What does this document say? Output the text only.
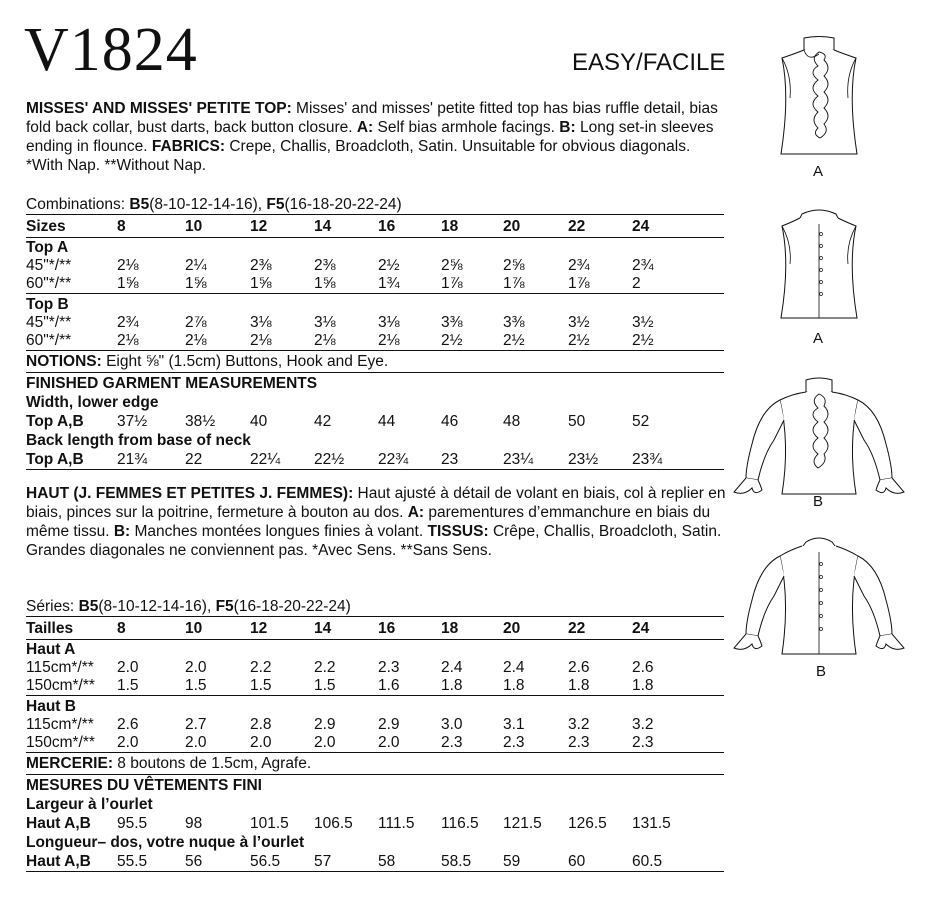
V1824	EASY/FACILE
MISSES' AND MISSES' PETITE TOP: Misses' and misses' petite fitted top has bias ruffle detail, bias fold back collar, bust darts, back button closure. A: Self bias armhole facings. B: Long set-in sleeves ending in flounce. FABRICS: Crepe, Challis, Broadcloth, Satin. Unsuitable for obvious diagonals. *With Nap. **Without Nap.
Combinations: B5(8-10-12-14-16), F5(16-18-20-22-24)
Sizes	8	10	12	14	16	18	20	22	24
Top A
45"*/**	2⅛	2¼	2⅜	2⅜	2½	2⅝	2⅝	2¾	2¾
60"*/**	1⅝	1⅝	1⅝	1⅝	1¾	1⅞	1⅞	1⅞	2
Top B
45"*/**	2¾	2⅞	3⅛	3⅛	3⅛	3⅜	3⅜	3½	3½
60"*/**	2⅛	2⅛	2⅛	2⅛	2⅛	2½	2½	2½	2½
NOTIONS: Eight ⅝" (1.5cm) Buttons, Hook and Eye.
FINISHED GARMENT MEASUREMENTS
Width, lower edge
Top A,B 37½ 38½ 40	42	44	46	48	50	52
Back length from base of neck
Top A,B 21¾ 22	22¼ 22½ 22¾ 23	23¼ 23½ 23¾
HAUT (J. FEMMES ET PETITES J. FEMMES): Haut ajusté à détail de volant en biais, col à replier en biais, pinces sur la poitrine, fermeture à bouton au dos. A: parementures d’emmanchure en biais du même tissu. B: Manches montées longues finies à volant. TISSUS: Crêpe, Challis, Broadcloth, Satin. Grandes diagonales ne conviennent pas. *Avec Sens. **Sans Sens.
Séries: B5(8-10-12-14-16), F5(16-18-20-22-24)
Tailles	8	10	12	14	16	18	20	22	24
Haut A
115cm*/** 2.0	2.0	2.2	2.2	2.3	2.4	2.4	2.6	2.6
150cm*/** 1.5	1.5	1.5	1.5	1.6	1.8	1.8	1.8	1.8
Haut B
115cm*/** 2.6	2.7	2.8	2.9	2.9	3.0	3.1	3.2	3.2
150cm*/** 2.0	2.0	2.0	2.0	2.0	2.3	2.3	2.3	2.3
MERCERIE: 8 boutons de 1.5cm, Agrafe.
MESURES DU VÊTEMENTS FINI
Largeur à l’ourlet
Haut A,B 95.5 98	101.5 106.5 111.5 116.5 121.5 126.5 131.5
Longueur– dos, votre nuque à l’ourlet
Haut A,B 55.5 56	56.5 57	58	58.5 59	60	60.5
A
A
B
B
